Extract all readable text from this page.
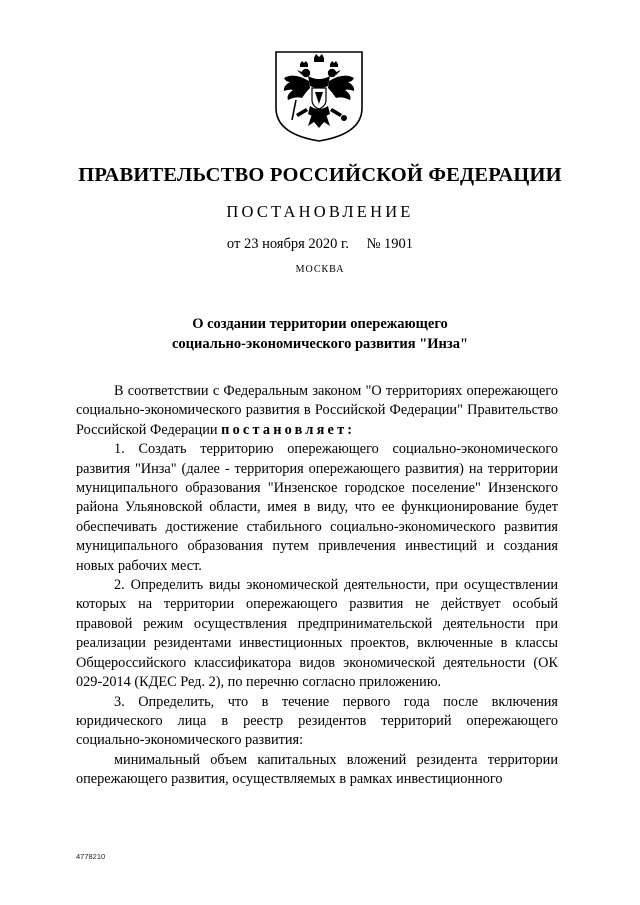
ПРАВИТЕЛЬСТВО РОССИЙСКОЙ ФЕДЕРАЦИИ
ПОСТАНОВЛЕНИЕ
от 23 ноября 2020 г. № 1901
МОСКВА
О создании территории опережающего
социально-экономического развития "Инза"

В соответствии с Федеральным законом "О территориях опережающего социально-экономического развития в Российской Федерации" Правительство Российской Федерации постановляет:

1. Создать территорию опережающего социально-экономического развития "Инза" (далее - территория опережающего развития) на территории муниципального образования "Инзенское городское поселение" Инзенского района Ульяновской области, имея в виду, что ее функционирование будет обеспечивать достижение стабильного социально-экономического развития муниципального образования путем привлечения инвестиций и создания новых рабочих мест.

2. Определить виды экономической деятельности, при осуществлении которых на территории опережающего развития не действует особый правовой режим осуществления предпринимательской деятельности при реализации резидентами инвестиционных проектов, включенные в классы Общероссийского классификатора видов экономической деятельности (ОК 029-2014 (КДЕС Ред. 2), по перечню согласно приложению.

3. Определить, что в течение первого года после включения юридического лица в реестр резидентов территорий опережающего социально-экономического развития:

минимальный объем капитальных вложений резидента территории опережающего развития, осуществляемых в рамках инвестиционного

4778210
